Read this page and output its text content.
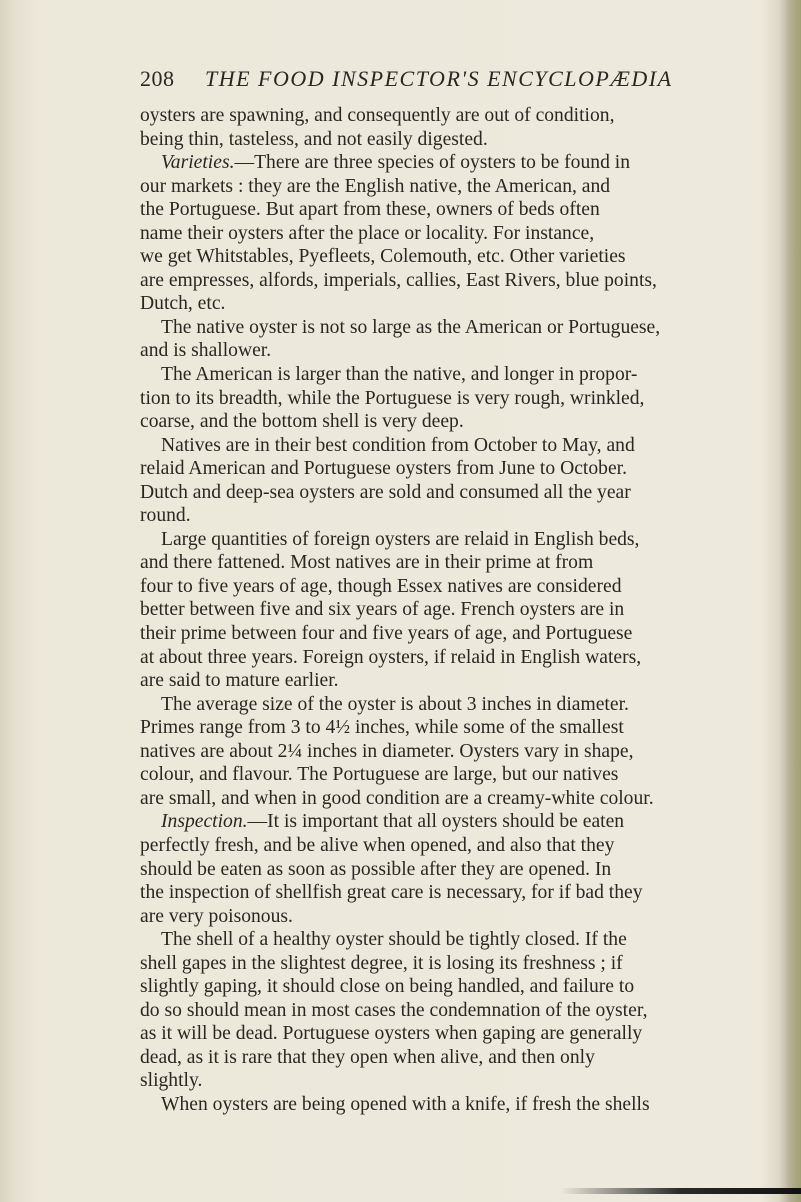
208 THE FOOD INSPECTOR'S ENCYCLOPÆDIA
oysters are spawning, and consequently are out of condition,
being thin, tasteless, and not easily digested.
Varieties.—There are three species of oysters to be found in
our markets : they are the English native, the American, and
the Portuguese. But apart from these, owners of beds often
name their oysters after the place or locality. For instance,
we get Whitstables, Pyefleets, Colemouth, etc. Other varieties
are empresses, alfords, imperials, callies, East Rivers, blue points,
Dutch, etc.
The native oyster is not so large as the American or Portuguese,
and is shallower.
The American is larger than the native, and longer in propor-
tion to its breadth, while the Portuguese is very rough, wrinkled,
coarse, and the bottom shell is very deep.
Natives are in their best condition from October to May, and
relaid American and Portuguese oysters from June to October.
Dutch and deep-sea oysters are sold and consumed all the year
round.
Large quantities of foreign oysters are relaid in English beds,
and there fattened. Most natives are in their prime at from
four to five years of age, though Essex natives are considered
better between five and six years of age. French oysters are in
their prime between four and five years of age, and Portuguese
at about three years. Foreign oysters, if relaid in English waters,
are said to mature earlier.
The average size of the oyster is about 3 inches in diameter.
Primes range from 3 to 4½ inches, while some of the smallest
natives are about 2¼ inches in diameter. Oysters vary in shape,
colour, and flavour. The Portuguese are large, but our natives
are small, and when in good condition are a creamy-white colour.
Inspection.—It is important that all oysters should be eaten
perfectly fresh, and be alive when opened, and also that they
should be eaten as soon as possible after they are opened. In
the inspection of shellfish great care is necessary, for if bad they
are very poisonous.
The shell of a healthy oyster should be tightly closed. If the
shell gapes in the slightest degree, it is losing its freshness ; if
slightly gaping, it should close on being handled, and failure to
do so should mean in most cases the condemnation of the oyster,
as it will be dead. Portuguese oysters when gaping are generally
dead, as it is rare that they open when alive, and then only
slightly.
When oysters are being opened with a knife, if fresh the shells
